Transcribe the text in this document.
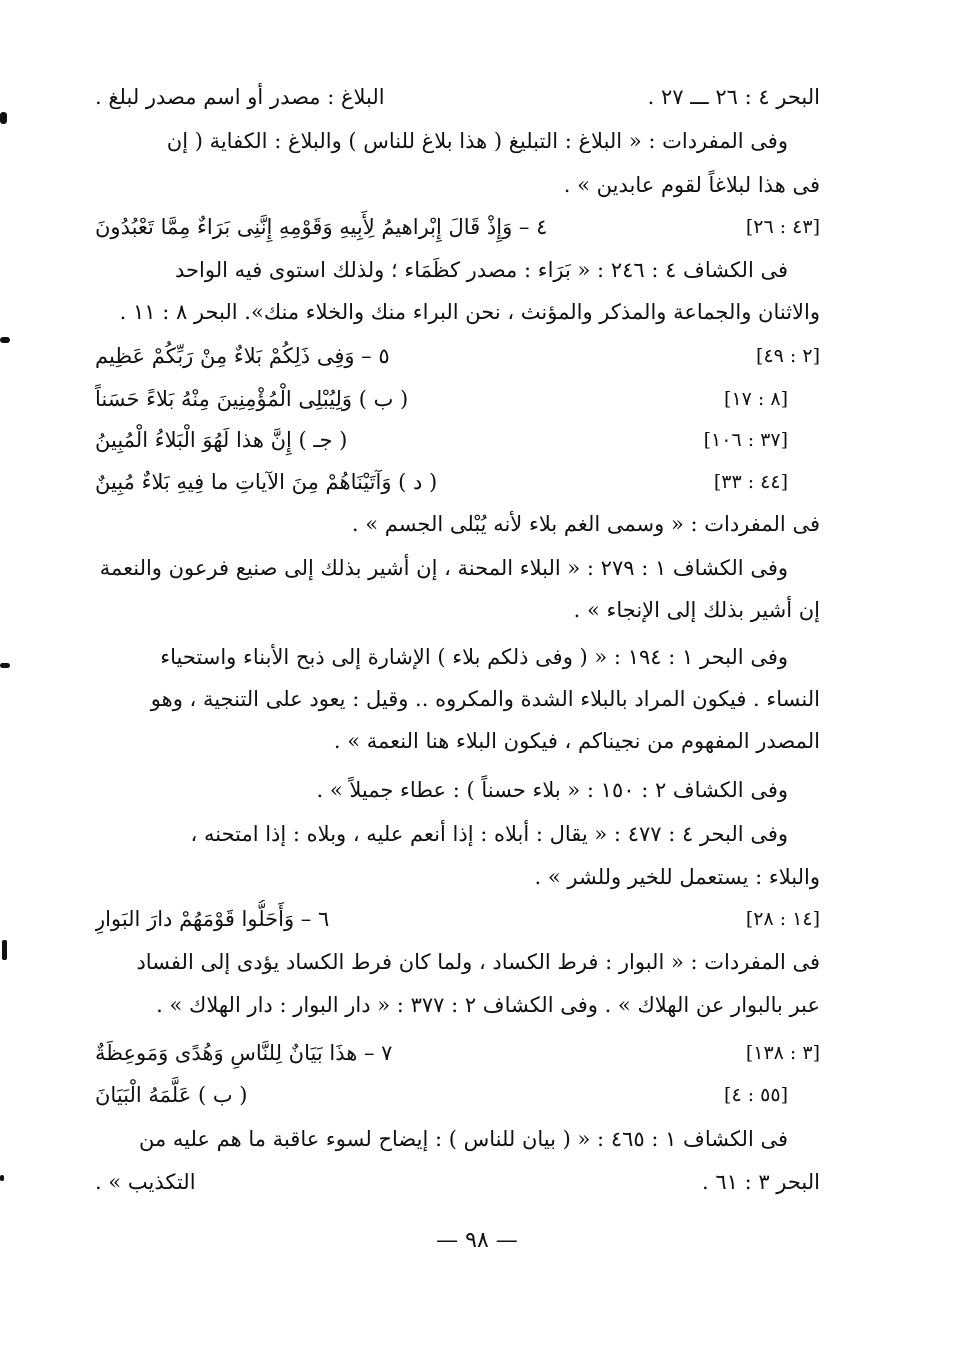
البلاغ : مصدر أو اسم مصدر لبلغ .	البحر ٤ : ٢٦ ـــ ٢٧ .
وفى المفردات : « البلاغ : التبليغ ( هذا بلاغ للناس ) والبلاغ : الكفاية ( إن
فى هذا لبلاغاً لقوم عابدين » .
٤ – وَإِذْ قَالَ إِبْراهيمُ لِأَبِيهِ وَقَوْمِهِ إِنَّنِى بَرَاءٌ مِمَّا تَعْبُدُونَ	[٤٣ : ٢٦]
فى الكشاف ٤ : ٢٤٦ : « بَرَاء : مصدر كظَمَاء ؛ ولذلك استوى فيه الواحد
والاثنان والجماعة والمذكر والمؤنث ، نحن البراء منك والخلاء منك». البحر ٨ : ١١ .
٥ – وَفِى ذَلِكُمْ بَلاءٌ مِنْ رَبِّكُمْ عَظِيم	[٢ : ٤٩]
( ب ) وَلِيُبْلِى الْمُؤْمِنِينَ مِنْهُ بَلاءً حَسَناً	[٨ : ١٧]
( جـ ) إِنَّ هذا لَهُوَ الْبَلاءُ الْمُبِينُ	[٣٧ : ١٠٦]
( د ) وَآتَيْنَاهُمْ مِنَ الآياتِ ما فِيهِ بَلاءٌ مُبِينٌ	[٤٤ : ٣٣]
فى المفردات : « وسمى الغم بلاء لأنه يُبْلى الجسم » .
وفى الكشاف ١ : ٢٧٩ : « البلاء المحنة ، إن أشير بذلك إلى صنيع فرعون والنعمة
إن أشير بذلك إلى الإنجاء » .
وفى البحر ١ : ١٩٤ : « ( وفى ذلكم بلاء ) الإشارة إلى ذبح الأبناء واستحياء
النساء . فيكون المراد بالبلاء الشدة والمكروه .. وقيل : يعود على التنجية ، وهو
المصدر المفهوم من نجيناكم ، فيكون البلاء هنا النعمة » .
وفى الكشاف ٢ : ١٥٠ : « بلاء حسناً ) : عطاء جميلاً » .
وفى البحر ٤ : ٤٧٧ : « يقال : أبلاه : إذا أنعم عليه ، وبلاه : إذا امتحنه ،
والبلاء : يستعمل للخير وللشر » .
٦ – وَأَحَلُّوا قَوْمَهُمْ دارَ البَوارِ	[١٤ : ٢٨]
فى المفردات : « البوار : فرط الكساد ، ولما كان فرط الكساد يؤدى إلى الفساد
عبر بالبوار عن الهلاك » . وفى الكشاف ٢ : ٣٧٧ : « دار البوار : دار الهلاك » .
٧ – هذَا بَيَانٌ لِلنَّاسِ وَهُدًى وَمَوعِظَةٌ	[٣ : ١٣٨]
( ب ) عَلَّمَهُ الْبَيَانَ	[٥٥ : ٤]
فى الكشاف ١ : ٤٦٥ : « ( بيان للناس ) : إيضاح لسوء عاقبة ما هم عليه من
التكذيب » .	البحر ٣ : ٦١ .
— ٩٨ —
